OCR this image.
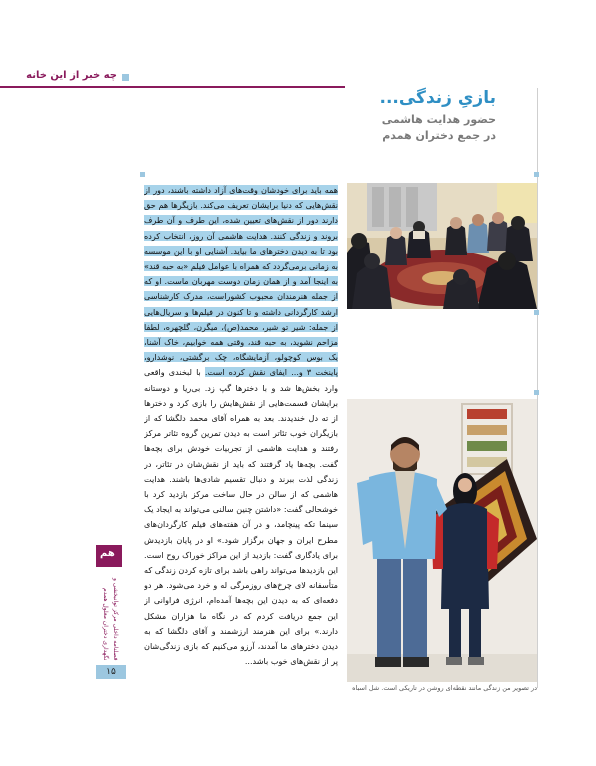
چه خبر از این خانه
بازیِ زندگی...
حضور هدایت هاشمی
در جمع دختران همدم
همه باید برای خودشان وقت‌های آزاد داشته باشند، دور از نقش‌هایی که دنیا برایشان تعریف می‌کند. بازیگرها هم حق دارند دور از نقش‌های تعیین شده، این طرف و آن طرف بروند و زندگی کنند. هدایت هاشمی آن روز، انتخاب کرده بود تا به دیدن دخترهای ما بیاید. آشنایی او با این موسسه به زمانی برمی‌گردد که همراه با عوامل فیلم «به حبه قند» به اینجا آمد و از همان زمان دوست مهربان ماست. او که از جمله هنرمندان محبوب کشوراست، مدرک کارشناسی ارشد کارگردانی داشته و تا کنون در فیلم‌ها و سریال‌هایی از جمله: شیر تو شیر، محمد(ص)، میگرن، گلچهره، لطفا مزاحم نشوید، به حبه قند، وقتی همه خوابیم، خاک آشنا، یک بوس کوچولو، آزمایشگاه، چک برگشتی، نوشدارو، پاینخت ۳ و... ایفای نقش کرده است. با لبخندی واقعی وارد بخش‌ها شد و با دخترها گپ زد. بی‌ریا و دوستانه برایشان قسمت‌هایی از نقش‌هایش را بازی کرد و دخترها از ته دل خندیدند. بعد به همراه آقای محمد دلگشا که از بازیگران خوب تئاتر است به دیدن تمرین گروه تئاتر مرکز رفتند و هدایت هاشمی از تجربیات خودش برای بچه‌ها گفت. بچه‌ها یاد گرفتند که باید از نقش‌شان در تئاتر، در زندگی لذت ببرند و دنبال تقسیم شادی‌ها باشند. هدایت هاشمی که از سالن در حال ساخت مرکز بازدید کرد با خوشحالی گفت: «داشتن چنین سالنی می‌تواند به ایجاد یک سینما تکه پینچامد، و در آن هفته‌های فیلم کارگردان‌های مطرح ایران و جهان برگزار شود.» او در پایان بازدیدش برای یادگاری گفت: بازدید از این مراکز خوراک روح است. این بازدیدها می‌تواند راهی باشد برای تازه کردن زندگی که متأسفانه لای چرخ‌های روزمرگی له و خرد می‌شود. هر دو دفعه‌ای که به دیدن این بچه‌ها آمده‌ام، انرژی فراوانی از این جمع دریافت کردم که در نگاه ما هزاران مشکل دارند.» برای این هنرمند ارزشمند و آقای دلگشا که به دیدن دخترهای ما آمدند، آرزو می‌کنیم که بازی زندگی‌شان پر از نقش‌های خوب باشد...
هم
فصلنامه داخلی مرکز توانبخشی و نگهداری دختران معلول همدم
۱۵
در تصویر من زندگی مانند نقطه‌ای روشن در تاریکی است. شل اسباه
